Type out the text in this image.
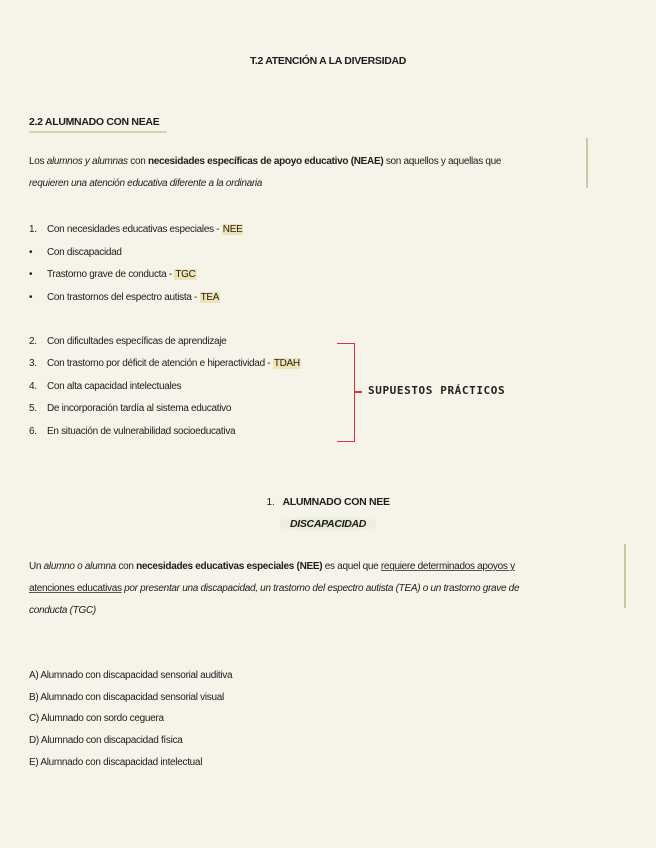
T.2 ATENCIÓN A LA DIVERSIDAD
2.2 ALUMNADO CON NEAE
Los alumnos y alumnas con necesidades específicas de apoyo educativo (NEAE) son aquellos y aquellas que
requieren una atención educativa diferente a la ordinaria
1. Con necesidades educativas especiales - NEE
• Con discapacidad
• Trastorno grave de conducta - TGC
• Con trastornos del espectro autista - TEA
2. Con dificultades específicas de aprendizaje
3. Con trastorno por déficit de atención e hiperactividad - TDAH
4. Con alta capacidad intelectuales
5. De incorporación tardía al sistema educativo
6. En situación de vulnerabilidad socioeducativa
SUPUESTOS PRÁCTICOS
1. ALUMNADO CON NEE
DISCAPACIDAD
Un alumno o alumna con necesidades educativas especiales (NEE) es aquel que requiere determinados apoyos y
atenciones educativas por presentar una discapacidad, un trastorno del espectro autista (TEA) o un trastorno grave de
conducta (TGC)
A) Alumnado con discapacidad sensorial auditiva
B) Alumnado con discapacidad sensorial visual
C) Alumnado con sordo ceguera
D) Alumnado con discapacidad física
E) Alumnado con discapacidad intelectual
